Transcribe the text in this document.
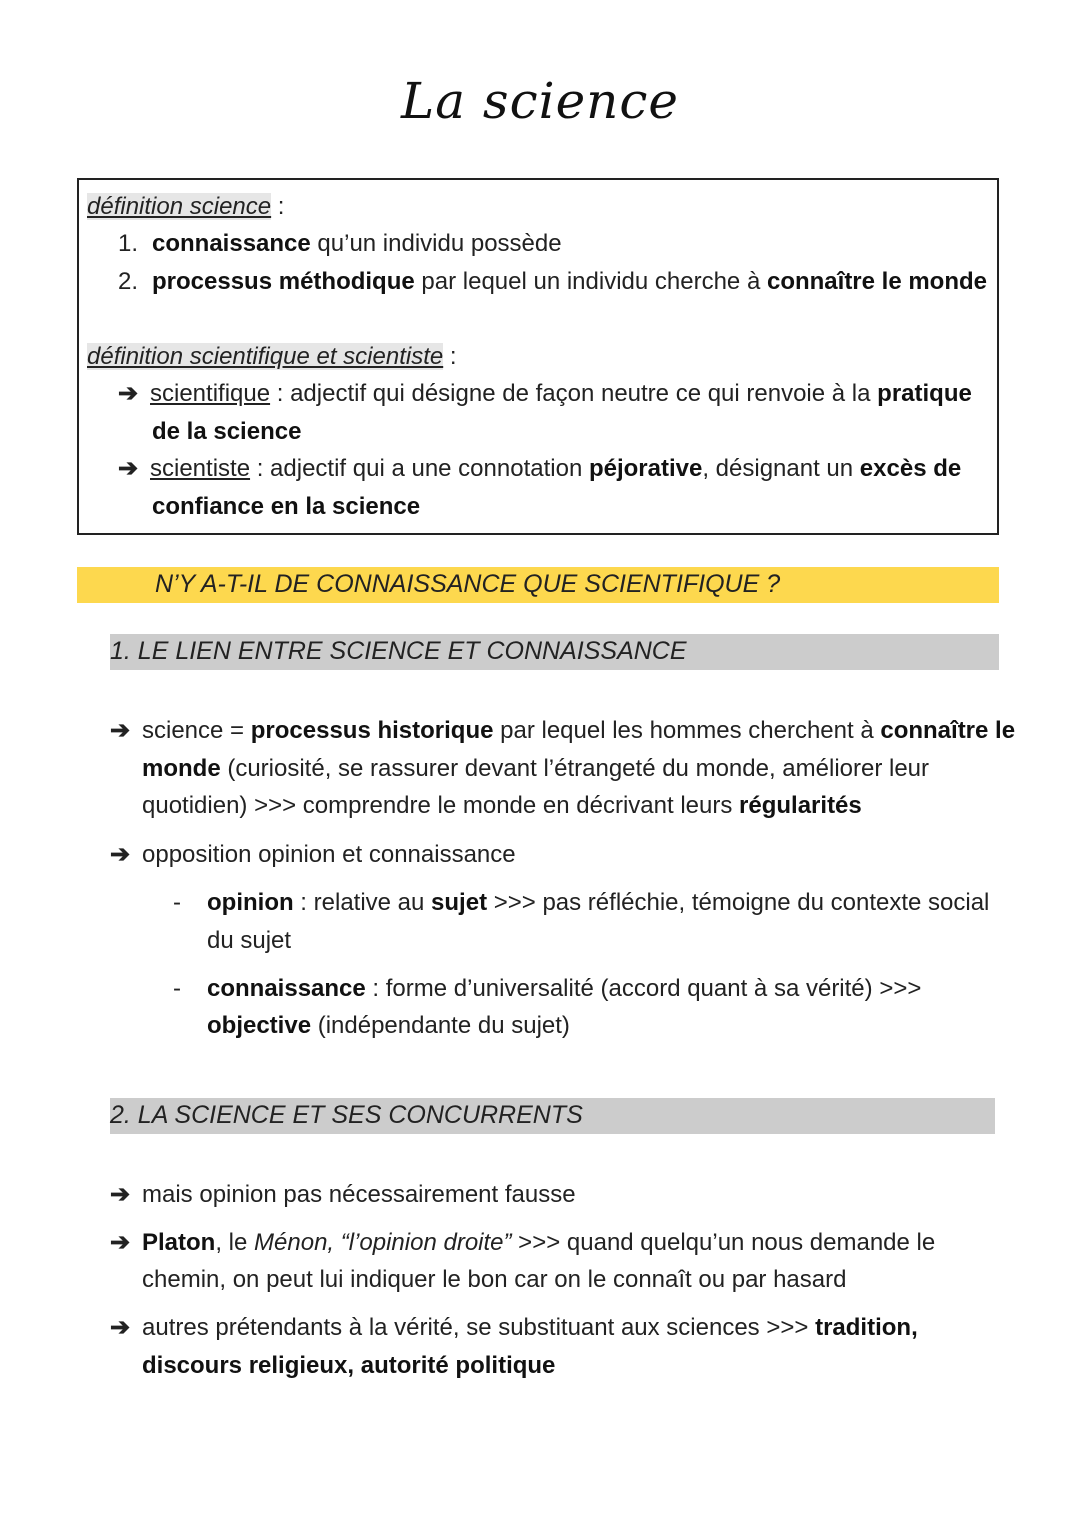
La science
définition science :
1. connaissance qu’un individu possède
2. processus méthodique par lequel un individu cherche à connaître le monde
définition scientifique et scientiste :
➔ scientifique : adjectif qui désigne de façon neutre ce qui renvoie à la pratique
de la science
➔ scientiste : adjectif qui a une connotation péjorative, désignant un excès de
confiance en la science
N’Y A-T-IL DE CONNAISSANCE QUE SCIENTIFIQUE ?
1. LE LIEN ENTRE SCIENCE ET CONNAISSANCE
➔ science = processus historique par lequel les hommes cherchent à connaître le
monde (curiosité, se rassurer devant l’étrangeté du monde, améliorer leur
quotidien) >>> comprendre le monde en décrivant leurs régularités
➔ opposition opinion et connaissance
- opinion : relative au sujet >>> pas réfléchie, témoigne du contexte social
du sujet
- connaissance : forme d’universalité (accord quant à sa vérité) >>>
objective (indépendante du sujet)
2. LA SCIENCE ET SES CONCURRENTS
➔ mais opinion pas nécessairement fausse
➔ Platon, le Ménon, “l’opinion droite” >>> quand quelqu’un nous demande le
chemin, on peut lui indiquer le bon car on le connaît ou par hasard
➔ autres prétendants à la vérité, se substituant aux sciences >>> tradition,
discours religieux, autorité politique
